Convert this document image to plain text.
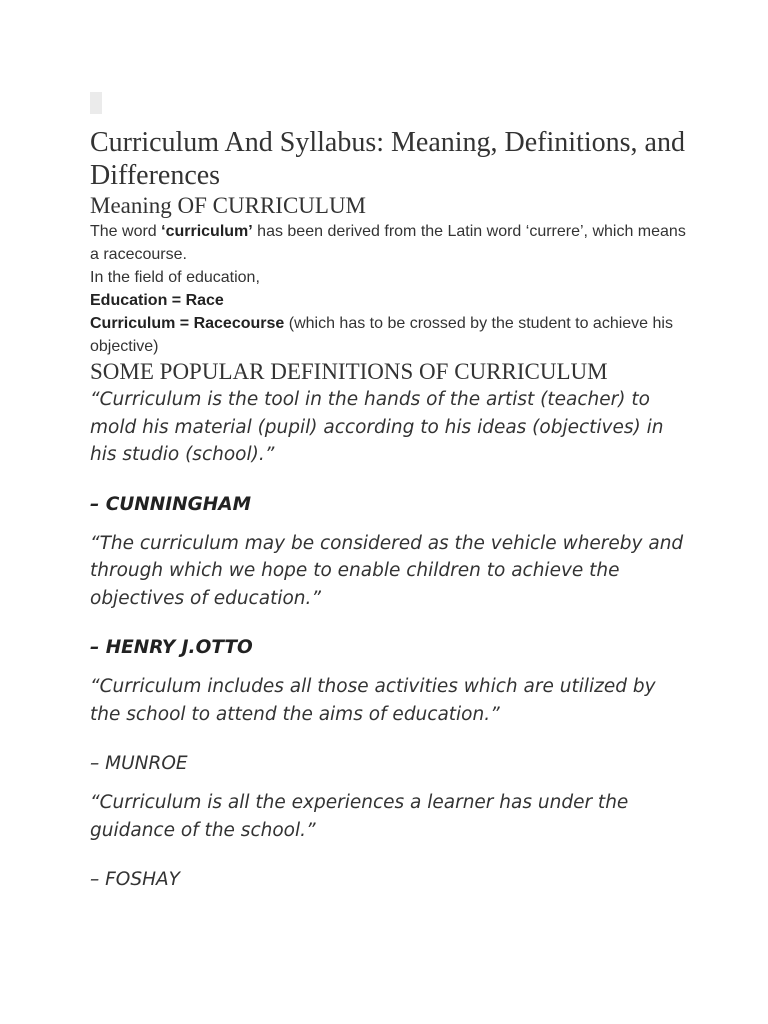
Curriculum And Syllabus: Meaning, Definitions, and Differences
Meaning OF CURRICULUM

The word ‘curriculum’ has been derived from the Latin word ‘currere’, which means a racecourse.
In the field of education,
Education = Race
Curriculum = Racecourse (which has to be crossed by the student to achieve his objective)

SOME POPULAR DEFINITIONS OF CURRICULUM

“Curriculum is the tool in the hands of the artist (teacher) to mold his material (pupil) according to his ideas (objectives) in his studio (school).”

– CUNNINGHAM

“The curriculum may be considered as the vehicle whereby and through which we hope to enable children to achieve the objectives of education.”

– HENRY J.OTTO

“Curriculum includes all those activities which are utilized by the school to attend the aims of education.”

– MUNROE

“Curriculum is all the experiences a learner has under the guidance of the school.”

– FOSHAY
